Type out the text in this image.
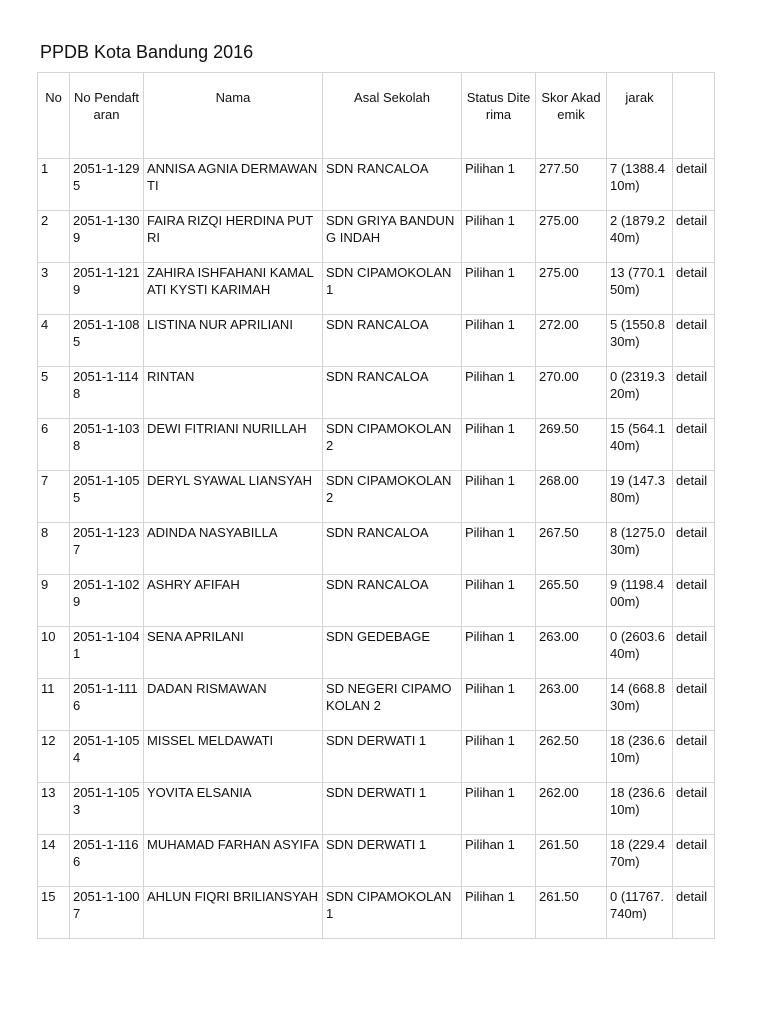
PPDB Kota Bandung 2016
No	No Pendaftaran	Nama	Asal Sekolah	Status Diterima	Skor Akademik	jarak	
1	2051-1-1295	ANNISA AGNIA DERMAWANTI	SDN RANCALOA	Pilihan 1	277.50	7 (1388.410m)	detail
2	2051-1-1309	FAIRA RIZQI HERDINA PUTRI	SDN GRIYA BANDUNG INDAH	Pilihan 1	275.00	2 (1879.240m)	detail
3	2051-1-1219	ZAHIRA ISHFAHANI KAMALATI KYSTI KARIMAH	SDN CIPAMOKOLAN 1	Pilihan 1	275.00	13 (770.150m)	detail
4	2051-1-1085	LISTINA NUR APRILIANI	SDN RANCALOA	Pilihan 1	272.00	5 (1550.830m)	detail
5	2051-1-1148	RINTAN	SDN RANCALOA	Pilihan 1	270.00	0 (2319.320m)	detail
6	2051-1-1038	DEWI FITRIANI NURILLAH	SDN CIPAMOKOLAN 2	Pilihan 1	269.50	15 (564.140m)	detail
7	2051-1-1055	DERYL SYAWAL LIANSYAH	SDN CIPAMOKOLAN 2	Pilihan 1	268.00	19 (147.380m)	detail
8	2051-1-1237	ADINDA NASYABILLA	SDN RANCALOA	Pilihan 1	267.50	8 (1275.030m)	detail
9	2051-1-1029	ASHRY AFIFAH	SDN RANCALOA	Pilihan 1	265.50	9 (1198.400m)	detail
10	2051-1-1041	SENA APRILANI	SDN GEDEBAGE	Pilihan 1	263.00	0 (2603.640m)	detail
11	2051-1-1116	DADAN RISMAWAN	SD NEGERI CIPAMOKOLAN 2	Pilihan 1	263.00	14 (668.830m)	detail
12	2051-1-1054	MISSEL MELDAWATI	SDN DERWATI 1	Pilihan 1	262.50	18 (236.610m)	detail
13	2051-1-1053	YOVITA ELSANIA	SDN DERWATI 1	Pilihan 1	262.00	18 (236.610m)	detail
14	2051-1-1166	MUHAMAD FARHAN ASYIFA	SDN DERWATI 1	Pilihan 1	261.50	18 (229.470m)	detail
15	2051-1-1007	AHLUN FIQRI BRILIANSYAH	SDN CIPAMOKOLAN 1	Pilihan 1	261.50	0 (11767.740m)	detail
